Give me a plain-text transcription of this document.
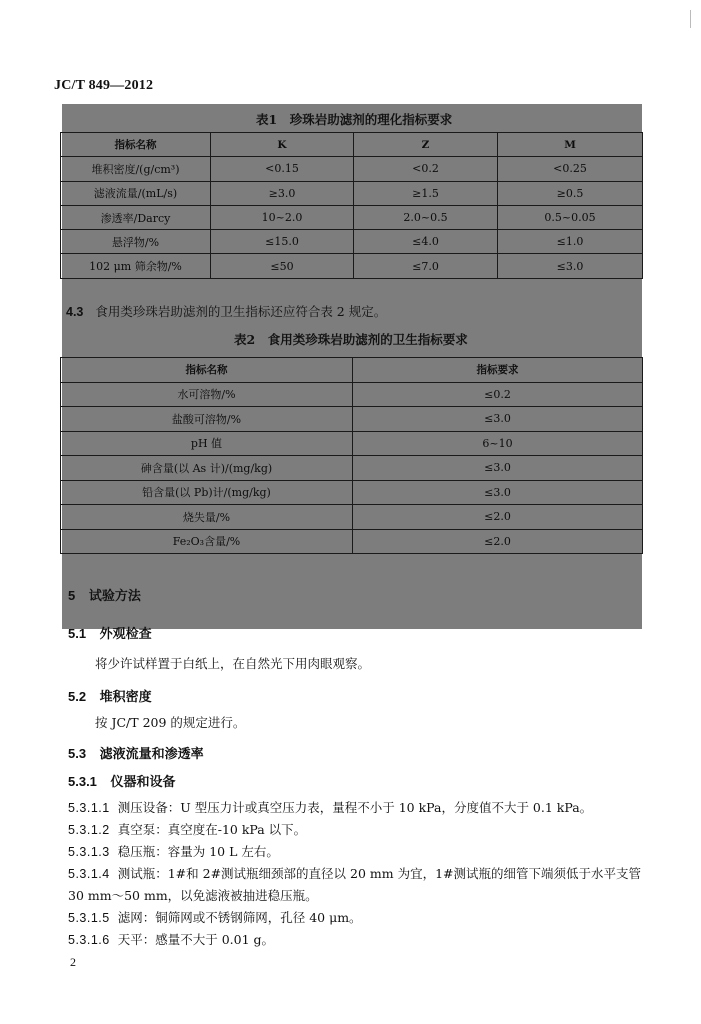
JC/T 849—2012
表1　珍珠岩助滤剂的理化指标要求
指标名称	K	Z	M
堆积密度/(g/cm³)	<0.15	<0.2	<0.25
滤液流量/(mL/s)	≥3.0	≥1.5	≥0.5
渗透率/Darcy	10~2.0	2.0~0.5	0.5~0.05
悬浮物/%	≤15.0	≤4.0	≤1.0
102 μm 筛余物/%	≤50	≤7.0	≤3.0
4.3 食用类珍珠岩助滤剂的卫生指标还应符合表 2 规定。
表2　食用类珍珠岩助滤剂的卫生指标要求
指标名称	指标要求
水可溶物/%	≤0.2
盐酸可溶物/%	≤3.0
pH 值	6~10
砷含量(以 As 计)/(mg/kg)	≤3.0
铅含量(以 Pb)计/(mg/kg)	≤3.0
烧失量/%	≤2.0
Fe₂O₃含量/%	≤2.0
5 试验方法
5.1 外观检查
将少许试样置于白纸上，在自然光下用肉眼观察。
5.2 堆积密度
按 JC/T 209 的规定进行。
5.3 滤液流量和渗透率
5.3.1 仪器和设备
5.3.1.1 测压设备：U 型压力计或真空压力表，量程不小于 10 kPa，分度值不大于 0.1 kPa。
5.3.1.2 真空泵：真空度在-10 kPa 以下。
5.3.1.3 稳压瓶：容量为 10 L 左右。
5.3.1.4 测试瓶：1#和 2#测试瓶细颈部的直径以 20 mm 为宜，1#测试瓶的细管下端须低于水平支管 30 mm～50 mm，以免滤液被抽进稳压瓶。
5.3.1.5 滤网：铜筛网或不锈钢筛网，孔径 40 μm。
5.3.1.6 天平：感量不大于 0.01 g。
2
